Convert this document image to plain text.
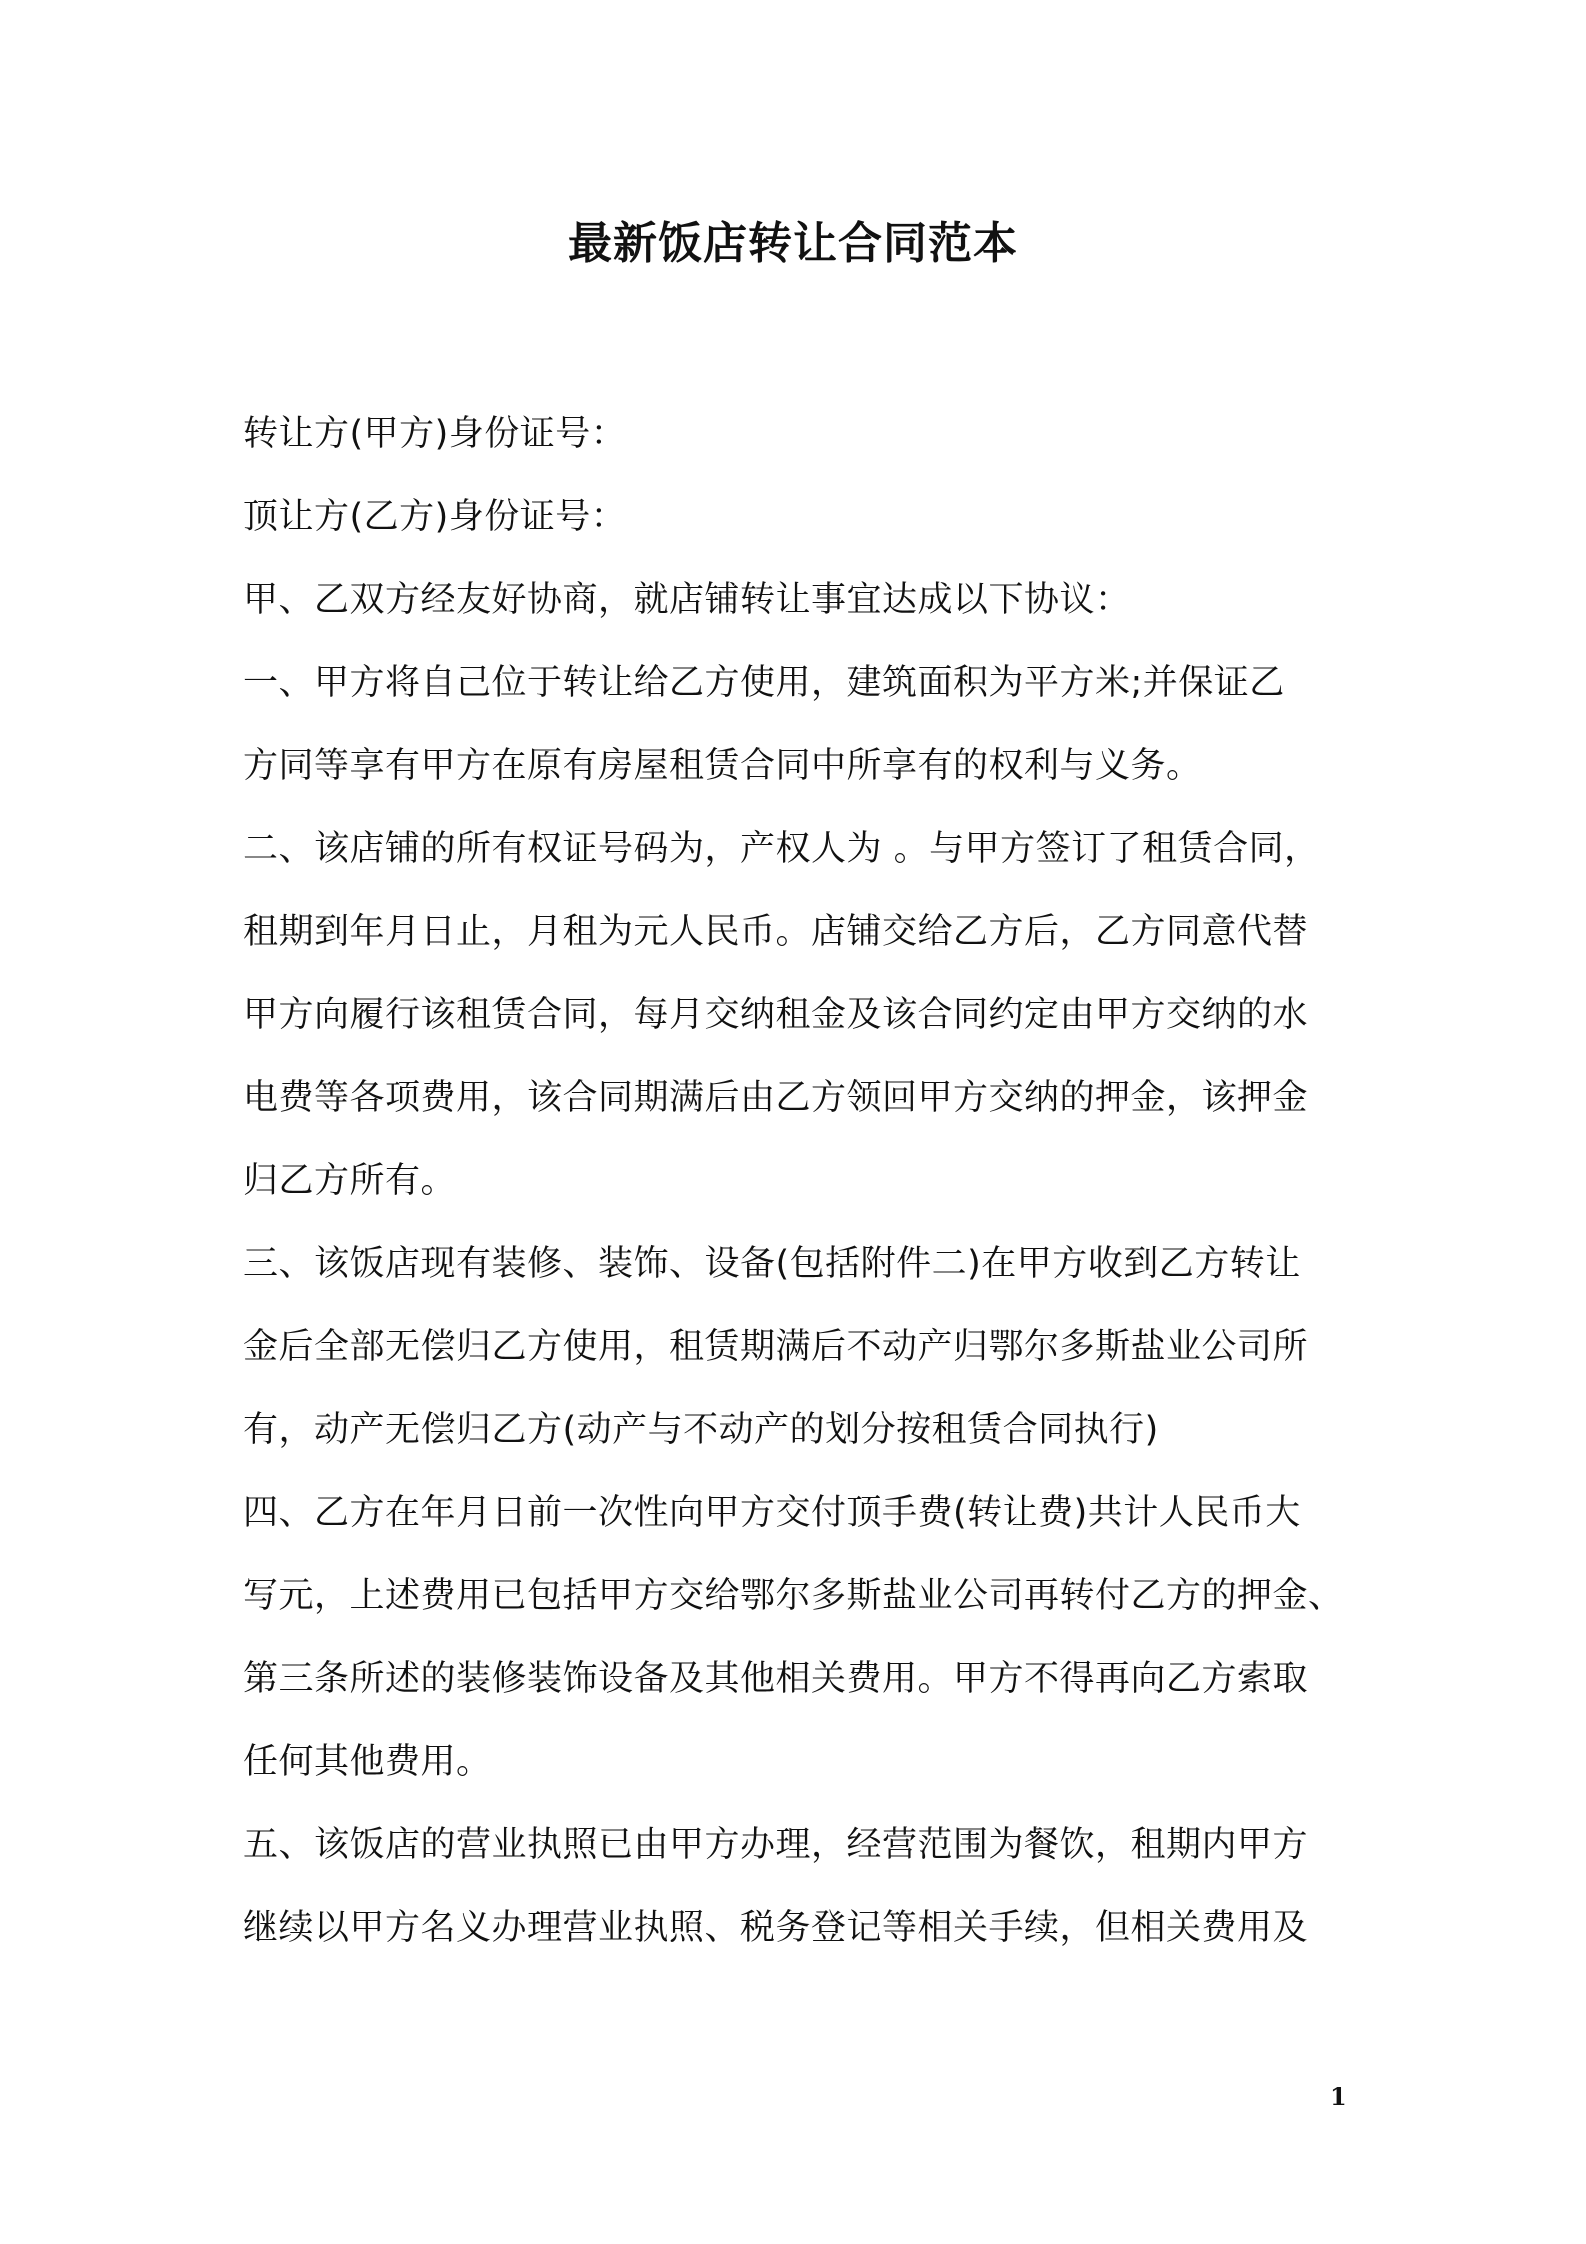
最新饭店转让合同范本
转让方(甲方)身份证号：
顶让方(乙方)身份证号：
甲、乙双方经友好协商，就店铺转让事宜达成以下协议：
一、甲方将自己位于转让给乙方使用，建筑面积为平方米;并保证乙
方同等享有甲方在原有房屋租赁合同中所享有的权利与义务。
二、该店铺的所有权证号码为，产权人为 。与甲方签订了租赁合同，
租期到年月日止，月租为元人民币。店铺交给乙方后，乙方同意代替
甲方向履行该租赁合同，每月交纳租金及该合同约定由甲方交纳的水
电费等各项费用，该合同期满后由乙方领回甲方交纳的押金，该押金
归乙方所有。
三、该饭店现有装修、装饰、设备(包括附件二)在甲方收到乙方转让
金后全部无偿归乙方使用，租赁期满后不动产归鄂尔多斯盐业公司所
有，动产无偿归乙方(动产与不动产的划分按租赁合同执行)
四、乙方在年月日前一次性向甲方交付顶手费(转让费)共计人民币大
写元，上述费用已包括甲方交给鄂尔多斯盐业公司再转付乙方的押金、
第三条所述的装修装饰设备及其他相关费用。甲方不得再向乙方索取
任何其他费用。
五、该饭店的营业执照已由甲方办理，经营范围为餐饮，租期内甲方
继续以甲方名义办理营业执照、税务登记等相关手续，但相关费用及
1
